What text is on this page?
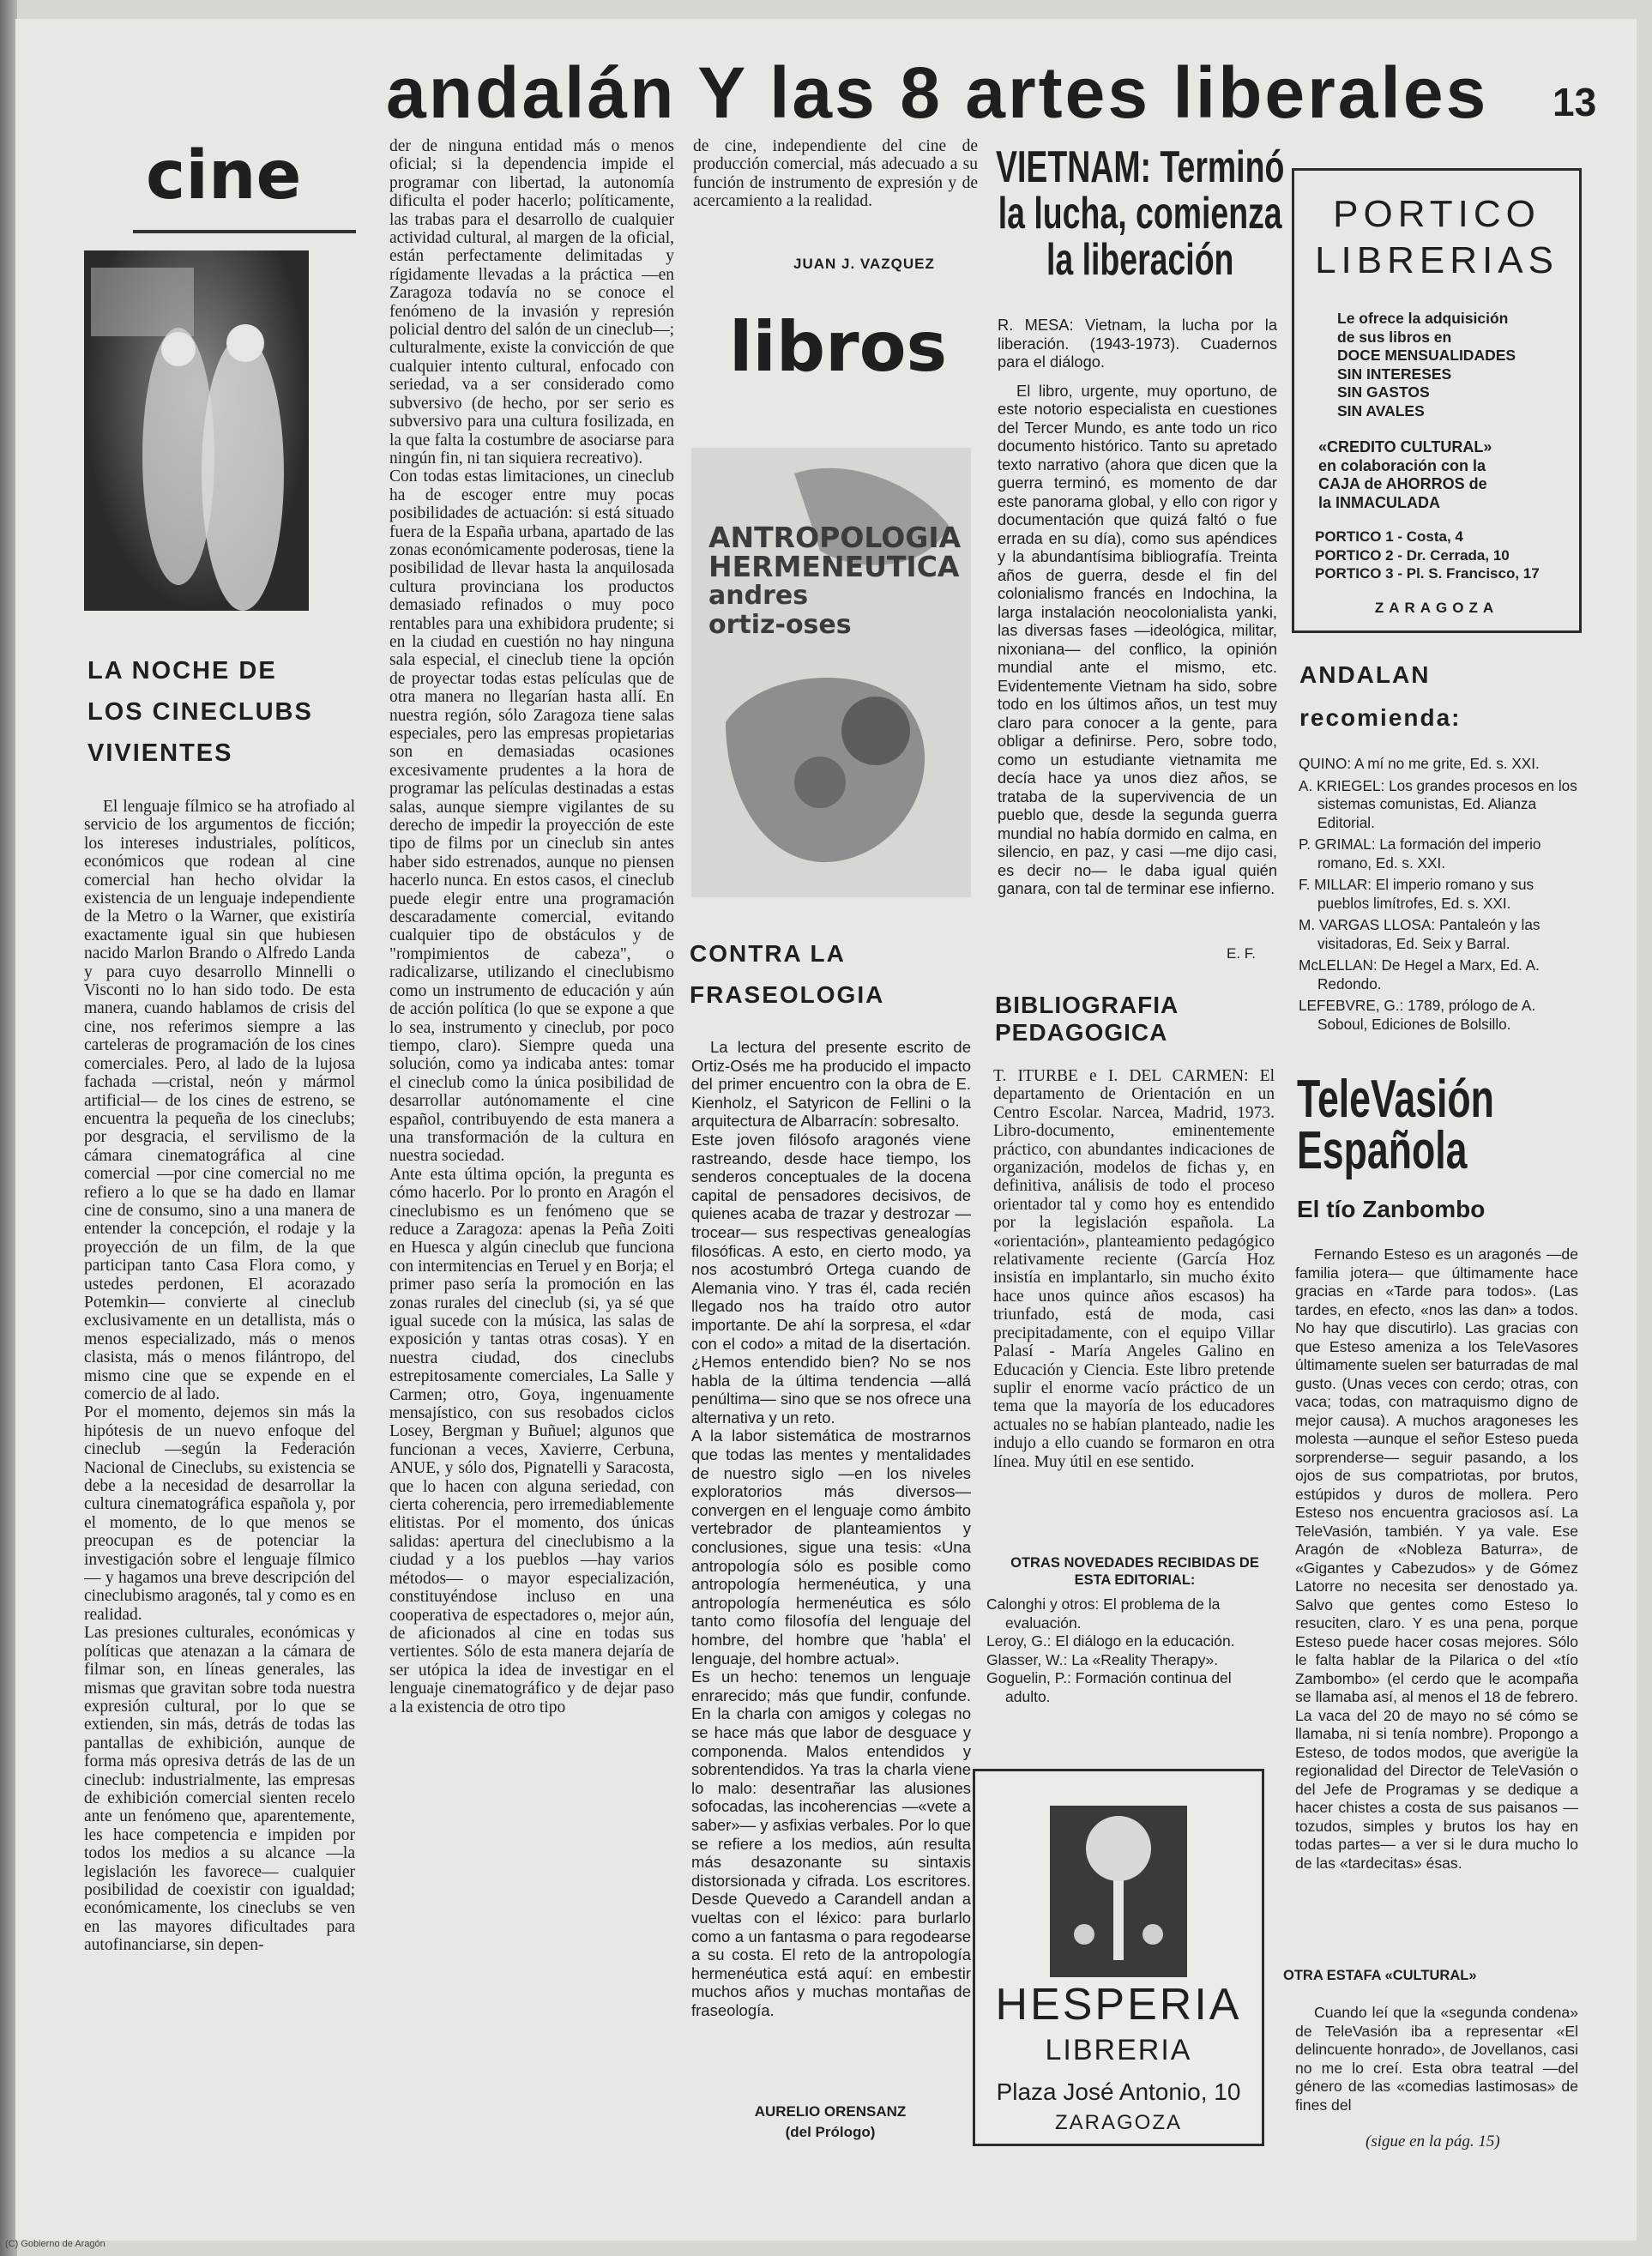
andalán Y las 8 artes liberales 13
cine
LA NOCHE DE
LOS CINECLUBS
VIVIENTES

El lenguaje fílmico se ha atrofiado al servicio de los argumentos de ficción; los intereses industriales, políticos, económicos que rodean al cine comercial han hecho olvidar la existencia de un lenguaje independiente de la Metro o la Warner, que existiría exactamente igual sin que hubiesen nacido Marlon Brando o Alfredo Landa y para cuyo desarrollo Minnelli o Visconti no lo han sido todo. De esta manera, cuando hablamos de crisis del cine, nos referimos siempre a las carteleras de programación de los cines comerciales. Pero, al lado de la lujosa fachada —cristal, neón y mármol artificial— de los cines de estreno, se encuentra la pequeña de los cineclubs; por desgracia, el servilismo de la cámara cinematográfica al cine comercial —por cine comercial no me refiero a lo que se ha dado en llamar cine de consumo, sino a una manera de entender la concepción, el rodaje y la proyección de un film, de la que participan tanto Casa Flora como, y ustedes perdonen, El acorazado Potemkin— convierte al cineclub exclusivamente en un detallista, más o menos especializado, más o menos clasista, más o menos filántropo, del mismo cine que se expende en el comercio de al lado.
Por el momento, dejemos sin más la hipótesis de un nuevo enfoque del cineclub —según la Federación Nacional de Cineclubs, su existencia se debe a la necesidad de desarrollar la cultura cinematográfica española y, por el momento, de lo que menos se preocupan es de potenciar la investigación sobre el lenguaje fílmico— y hagamos una breve descripción del cineclubismo aragonés, tal y como es en realidad.
Las presiones culturales, económicas y políticas que atenazan a la cámara de filmar son, en líneas generales, las mismas que gravitan sobre toda nuestra expresión cultural, por lo que se extienden, sin más, detrás de todas las pantallas de exhibición, aunque de forma más opresiva detrás de las de un cineclub: industrialmente, las empresas de exhibición comercial sienten recelo ante un fenómeno que, aparentemente, les hace competencia e impiden por todos los medios a su alcance —la legislación les favorece— cualquier posibilidad de coexistir con igualdad; económicamente, los cineclubs se ven en las mayores dificultades para autofinanciarse, sin depen-

der de ninguna entidad más o menos oficial; si la dependencia impide el programar con libertad, la autonomía dificulta el poder hacerlo; políticamente, las trabas para el desarrollo de cualquier actividad cultural, al margen de la oficial, están perfectamente delimitadas y rígidamente llevadas a la práctica —en Zaragoza todavía no se conoce el fenómeno de la invasión y represión policial dentro del salón de un cineclub—; culturalmente, existe la convicción de que cualquier intento cultural, enfocado con seriedad, va a ser considerado como subversivo (de hecho, por ser serio es subversivo para una cultura fosilizada, en la que falta la costumbre de asociarse para ningún fin, ni tan siquiera recreativo).
Con todas estas limitaciones, un cineclub ha de escoger entre muy pocas posibilidades de actuación: si está situado fuera de la España urbana, apartado de las zonas económicamente poderosas, tiene la posibilidad de llevar hasta la anquilosada cultura provinciana los productos demasiado refinados o muy poco rentables para una exhibidora prudente; si en la ciudad en cuestión no hay ninguna sala especial, el cineclub tiene la opción de proyectar todas estas películas que de otra manera no llegarían hasta allí. En nuestra región, sólo Zaragoza tiene salas especiales, pero las empresas propietarias son en demasiadas ocasiones excesivamente prudentes a la hora de programar las películas destinadas a estas salas, aunque siempre vigilantes de su derecho de impedir la proyección de este tipo de films por un cineclub sin antes haber sido estrenados, aunque no piensen hacerlo nunca. En estos casos, el cineclub puede elegir entre una programación descaradamente comercial, evitando cualquier tipo de obstáculos y de "rompimientos de cabeza", o radicalizarse, utilizando el cineclubismo como un instrumento de educación y aún de acción política (lo que se expone a que lo sea, instrumento y cineclub, por poco tiempo, claro). Siempre queda una solución, como ya indicaba antes: tomar el cineclub como la única posibilidad de desarrollar autónomamente el cine español, contribuyendo de esta manera a una transformación de la cultura en nuestra sociedad.
Ante esta última opción, la pregunta es cómo hacerlo. Por lo pronto en Aragón el cineclubismo es un fenómeno que se reduce a Zaragoza: apenas la Peña Zoiti en Huesca y algún cineclub que funciona con intermitencias en Teruel y en Borja; el primer paso sería la promoción en las zonas rurales del cineclub (si, ya sé que igual sucede con la música, las salas de exposición y tantas otras cosas). Y en nuestra ciudad, dos cineclubs estrepitosamente comerciales, La Salle y Carmen; otro, Goya, ingenuamente mensajístico, con sus resobados ciclos Losey, Bergman y Buñuel; algunos que funcionan a veces, Xavierre, Cerbuna, ANUE, y sólo dos, Pignatelli y Saracosta, que lo hacen con alguna seriedad, con cierta coherencia, pero irremediablemente elitistas. Por el momento, dos únicas salidas: apertura del cineclubismo a la ciudad y a los pueblos —hay varios métodos— o mayor especialización, constituyéndose incluso en una cooperativa de espectadores o, mejor aún, de aficionados al cine en todas sus vertientes. Sólo de esta manera dejaría de ser utópica la idea de investigar en el lenguaje cinematográfico y de dejar paso a la existencia de otro tipo

de cine, independiente del cine de producción comercial, más adecuado a su función de instrumento de expresión y de acercamiento a la realidad.

JUAN J. VAZQUEZ
libros
ANTROPOLOGIA
HERMENEUTICA
andres
ortiz-oses
CONTRA LA
FRASEOLOGIA

La lectura del presente escrito de Ortiz-Osés me ha producido el impacto del primer encuentro con la obra de E. Kienholz, el Satyricon de Fellini o la arquitectura de Albarracín: sobresalto.
Este joven filósofo aragonés viene rastreando, desde hace tiempo, los senderos conceptuales de la docena capital de pensadores decisivos, de quienes acaba de trazar y destrozar —trocear— sus respectivas genealogías filosóficas. A esto, en cierto modo, ya nos acostumbró Ortega cuando de Alemania vino. Y tras él, cada recién llegado nos ha traído otro autor importante. De ahí la sorpresa, el «dar con el codo» a mitad de la disertación. ¿Hemos entendido bien? No se nos habla de la última tendencia —allá penúltima— sino que se nos ofrece una alternativa y un reto.
A la labor sistemática de mostrarnos que todas las mentes y mentalidades de nuestro siglo —en los niveles exploratorios más diversos— convergen en el lenguaje como ámbito vertebrador de planteamientos y conclusiones, sigue una tesis: «Una antropología sólo es posible como antropología hermenéutica, y una antropología hermenéutica es sólo tanto como filosofía del lenguaje del hombre, del hombre que 'habla' el lenguaje, del hombre actual».
Es un hecho: tenemos un lenguaje enrarecido; más que fundir, confunde. En la charla con amigos y colegas no se hace más que labor de desguace y componenda. Malos entendidos y sobrentendidos. Ya tras la charla viene lo malo: desentrañar las alusiones sofocadas, las incoherencias —«vete a saber»— y asfixias verbales. Por lo que se refiere a los medios, aún resulta más desazonante su sintaxis distorsionada y cifrada. Los escritores. Desde Quevedo a Carandell andan a vueltas con el léxico: para burlarlo como a un fantasma o para regodearse a su costa. El reto de la antropología hermenéutica está aquí: en embestir muchos años y muchas montañas de fraseología.

AURELIO ORENSANZ
(del Prólogo)
VIETNAM: Terminó
la lucha, comienza
la liberación

R. MESA: Vietnam, la lucha por la liberación. (1943-1973). Cuadernos para el diálogo.

El libro, urgente, muy oportuno, de este notorio especialista en cuestiones del Tercer Mundo, es ante todo un rico documento histórico. Tanto su apretado texto narrativo (ahora que dicen que la guerra terminó, es momento de dar este panorama global, y ello con rigor y documentación que quizá faltó o fue errada en su día), como sus apéndices y la abundantísima bibliografía. Treinta años de guerra, desde el fin del colonialismo francés en Indochina, la larga instalación neocolonialista yanki, las diversas fases —ideológica, militar, nixoniana— del conflico, la opinión mundial ante el mismo, etc. Evidentemente Vietnam ha sido, sobre todo en los últimos años, un test muy claro para conocer a la gente, para obligar a definirse. Pero, sobre todo, como un estudiante vietnamita me decía hace ya unos diez años, se trataba de la supervivencia de un pueblo que, desde la segunda guerra mundial no había dormido en calma, en silencio, en paz, y casi —me dijo casi, es decir no— le daba igual quién ganara, con tal de terminar ese infierno.

E. F.
BIBLIOGRAFIA
PEDAGOGICA

T. ITURBE e I. DEL CARMEN: El departamento de Orientación en un Centro Escolar. Narcea, Madrid, 1973. Libro-documento, eminentemente práctico, con abundantes indicaciones de organización, modelos de fichas y, en definitiva, análisis de todo el proceso orientador tal y como hoy es entendido por la legislación española. La «orientación», planteamiento pedagógico relativamente reciente (García Hoz insistía en implantarlo, sin mucho éxito hace unos quince años escasos) ha triunfado, está de moda, casi precipitadamente, con el equipo Villar Palasí - María Angeles Galino en Educación y Ciencia. Este libro pretende suplir el enorme vacío práctico de un tema que la mayoría de los educadores actuales no se habían planteado, nadie les indujo a ello cuando se formaron en otra línea. Muy útil en ese sentido.

OTRAS NOVEDADES RECIBIDAS DE ESTA EDITORIAL:
Calonghi y otros: El problema de la evaluación.
Leroy, G.: El diálogo en la educación.
Glasser, W.: La «Reality Therapy».
Goguelin, P.: Formación continua del adulto.
HESPERIA
LIBRERIA
Plaza José Antonio, 10
ZARAGOZA
PORTICO
LIBRERIAS
Le ofrece la adquisición
de sus libros en
DOCE MENSUALIDADES
SIN INTERESES
SIN GASTOS
SIN AVALES
«CREDITO CULTURAL»
en colaboración con la
CAJA de AHORROS de
la INMACULADA
PORTICO 1 - Costa, 4
PORTICO 2 - Dr. Cerrada, 10
PORTICO 3 - Pl. S. Francisco, 17
ZARAGOZA
ANDALAN
recomienda:
QUINO: A mí no me grite, Ed. s. XXI.
A. KRIEGEL: Los grandes procesos en los sistemas comunistas, Ed. Alianza Editorial.
P. GRIMAL: La formación del imperio romano, Ed. s. XXI.
F. MILLAR: El imperio romano y sus pueblos limítrofes, Ed. s. XXI.
M. VARGAS LLOSA: Pantaleón y las visitadoras, Ed. Seix y Barral.
McLELLAN: De Hegel a Marx, Ed. A. Redondo.
LEFEBVRE, G.: 1789, prólogo de A. Soboul, Ediciones de Bolsillo.
TeleVasión
Española
El tío Zanbombo

Fernando Esteso es un aragonés —de familia jotera— que últimamente hace gracias en «Tarde para todos». (Las tardes, en efecto, «nos las dan» a todos. No hay que discutirlo). Las gracias con que Esteso ameniza a los TeleVasores últimamente suelen ser baturradas de mal gusto. (Unas veces con cerdo; otras, con vaca; todas, con matraquismo digno de mejor causa). A muchos aragoneses les molesta —aunque el señor Esteso pueda sorprenderse— seguir pasando, a los ojos de sus compatriotas, por brutos, estúpidos y duros de mollera. Pero Esteso nos encuentra graciosos así. La TeleVasión, también. Y ya vale. Ese Aragón de «Nobleza Baturra», de «Gigantes y Cabezudos» y de Gómez Latorre no necesita ser denostado ya. Salvo que gentes como Esteso lo resuciten, claro. Y es una pena, porque Esteso puede hacer cosas mejores. Sólo le falta hablar de la Pilarica o del «tío Zambombo» (el cerdo que le acompaña se llamaba así, al menos el 18 de febrero. La vaca del 20 de mayo no sé cómo se llamaba, ni si tenía nombre). Propongo a Esteso, de todos modos, que averigüe la regionalidad del Director de TeleVasión o del Jefe de Programas y se dedique a hacer chistes a costa de sus paisanos —tozudos, simples y brutos los hay en todas partes— a ver si le dura mucho lo de las «tardecitas» ésas.

OTRA ESTAFA «CULTURAL»

Cuando leí que la «segunda condena» de TeleVasión iba a representar «El delincuente honrado», de Jovellanos, casi no me lo creí. Esta obra teatral —del género de las «comedias lastimosas» de fines del

(sigue en la pág. 15)
(C) Gobierno de Aragón
